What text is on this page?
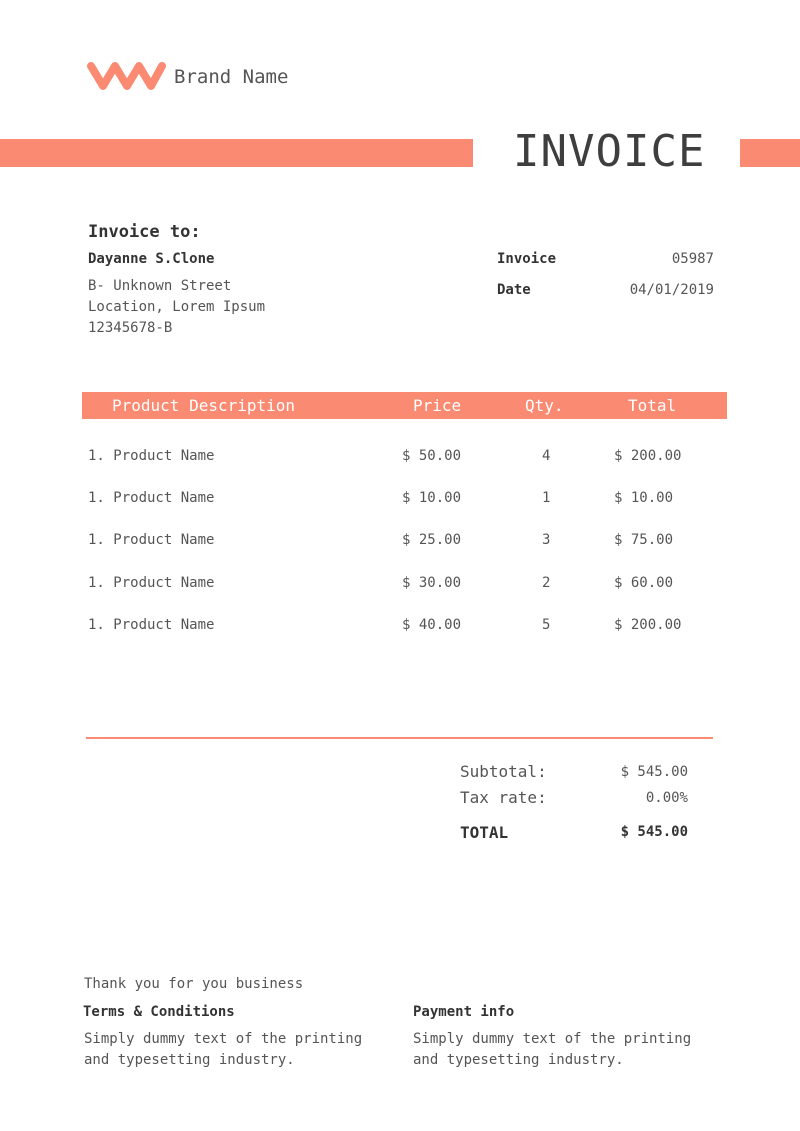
Brand Name
INVOICE
Invoice to:
Dayanne S.Clone
B- Unknown Street
Location, Lorem Ipsum
12345678-B
Invoice	05987
Date	04/01/2019
Product Description	Price	Qty.	Total
1. Product Name	$ 50.00	4	$ 200.00
1. Product Name	$ 10.00	1	$ 10.00
1. Product Name	$ 25.00	3	$ 75.00
1. Product Name	$ 30.00	2	$ 60.00
1. Product Name	$ 40.00	5	$ 200.00
Subtotal:	$ 545.00
Tax rate:	0.00%
TOTAL	$ 545.00
Thank you for you business
Terms & Conditions
Simply dummy text of the printing and typesetting industry.
Payment info
Simply dummy text of the printing and typesetting industry.
